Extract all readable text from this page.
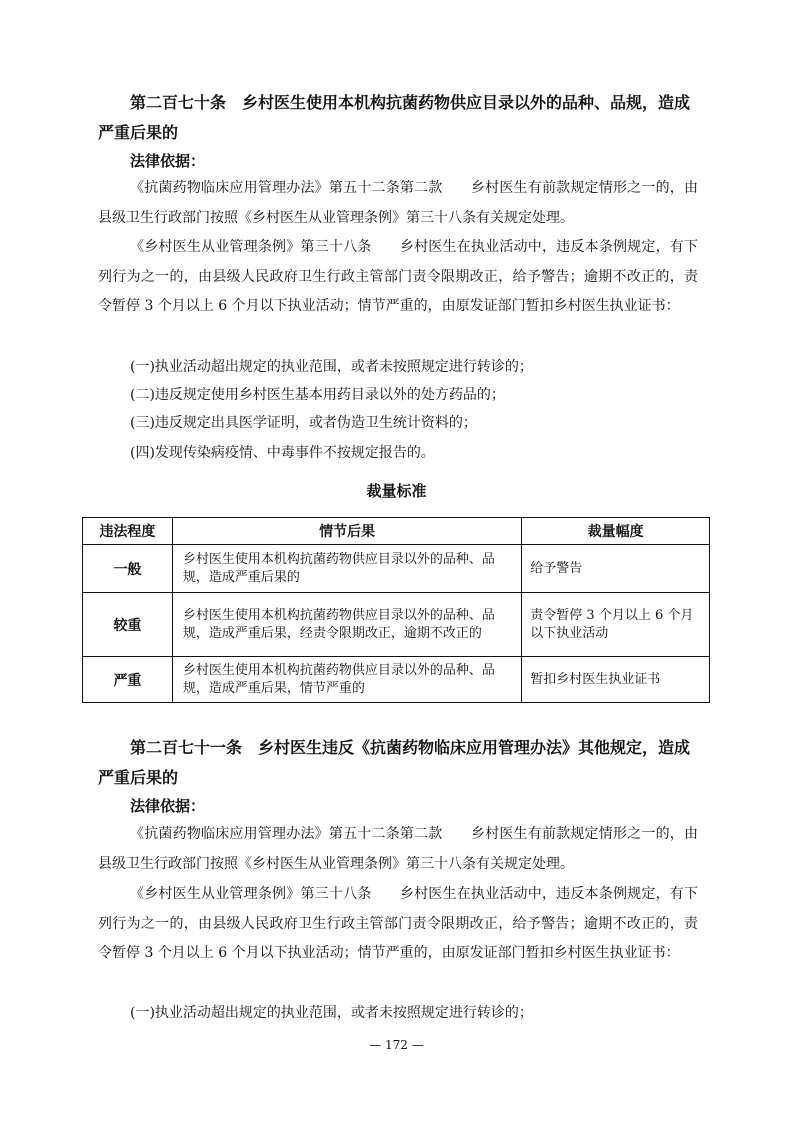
第二百七十条　乡村医生使用本机构抗菌药物供应目录以外的品种、品规，造成严重后果的

法律依据：

《抗菌药物临床应用管理办法》第五十二条第二款　　乡村医生有前款规定情形之一的，由县级卫生行政部门按照《乡村医生从业管理条例》第三十八条有关规定处理。

《乡村医生从业管理条例》第三十八条　　乡村医生在执业活动中，违反本条例规定，有下列行为之一的，由县级人民政府卫生行政主管部门责令限期改正，给予警告；逾期不改正的，责令暂停 3 个月以上 6 个月以下执业活动；情节严重的，由原发证部门暂扣乡村医生执业证书：

(一)执业活动超出规定的执业范围，或者未按照规定进行转诊的；

(二)违反规定使用乡村医生基本用药目录以外的处方药品的；

(三)违反规定出具医学证明，或者伪造卫生统计资料的；

(四)发现传染病疫情、中毒事件不按规定报告的。

裁量标准

违法程度	情节后果	裁量幅度
一般	乡村医生使用本机构抗菌药物供应目录以外的品种、品规，造成严重后果的	给予警告
较重	乡村医生使用本机构抗菌药物供应目录以外的品种、品规，造成严重后果，经责令限期改正，逾期不改正的	责令暂停 3 个月以上 6 个月以下执业活动
严重	乡村医生使用本机构抗菌药物供应目录以外的品种、品规，造成严重后果，情节严重的	暂扣乡村医生执业证书

第二百七十一条　乡村医生违反《抗菌药物临床应用管理办法》其他规定，造成严重后果的

法律依据：

《抗菌药物临床应用管理办法》第五十二条第二款　　乡村医生有前款规定情形之一的，由县级卫生行政部门按照《乡村医生从业管理条例》第三十八条有关规定处理。

《乡村医生从业管理条例》第三十八条　　乡村医生在执业活动中，违反本条例规定，有下列行为之一的，由县级人民政府卫生行政主管部门责令限期改正，给予警告；逾期不改正的，责令暂停 3 个月以上 6 个月以下执业活动；情节严重的，由原发证部门暂扣乡村医生执业证书：

(一)执业活动超出规定的执业范围，或者未按照规定进行转诊的；

— 172 —
